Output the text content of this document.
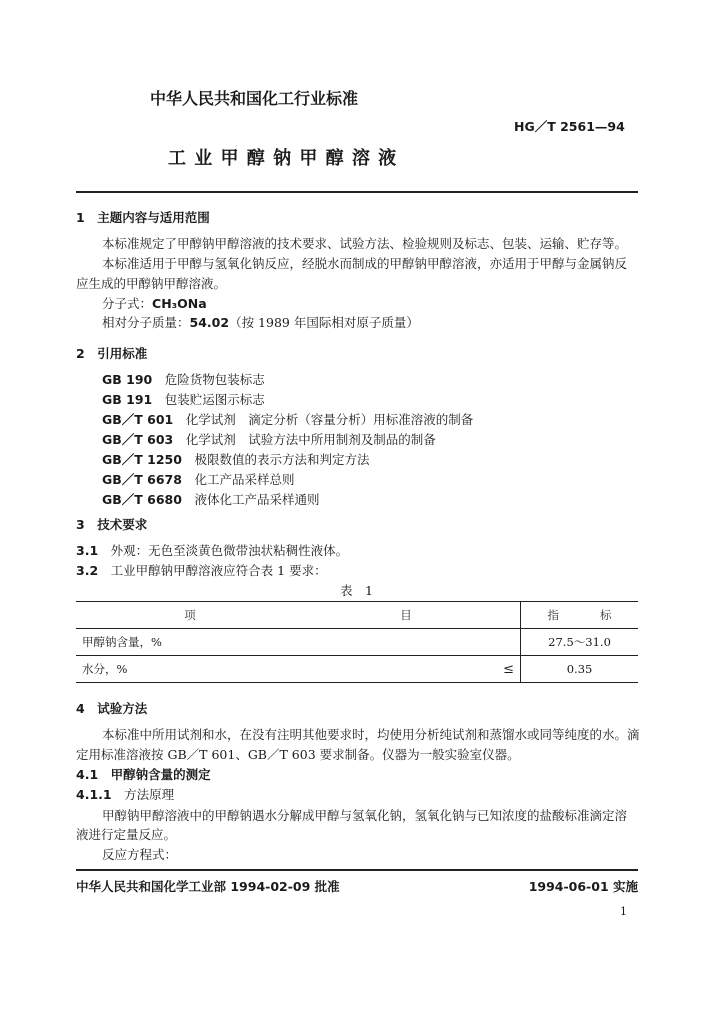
中华人民共和国化工行业标准
HG／T 2561—94
工 业 甲 醇 钠 甲 醇 溶 液
1　主题内容与适用范围
本标准规定了甲醇钠甲醇溶液的技术要求、试验方法、检验规则及标志、包装、运输、贮存等。
本标准适用于甲醇与氢氧化钠反应，经脱水而制成的甲醇钠甲醇溶液，亦适用于甲醇与金属钠反
应生成的甲醇钠甲醇溶液。
分子式：CH₃ONa
相对分子质量：54.02（按 1989 年国际相对原子质量）
2　引用标准
GB 190　 危险货物包装标志
GB 191　 包装贮运图示标志
GB／T 601　 化学试剂　滴定分析（容量分析）用标准溶液的制备
GB／T 603　 化学试剂　试验方法中所用制剂及制品的制备
GB／T 1250　 极限数值的表示方法和判定方法
GB／T 6678　 化工产品采样总则
GB／T 6680　 液体化工产品采样通则
3　技术要求
3.1　 外观：无色至淡黄色微带浊状粘稠性液体。
3.2　 工业甲醇钠甲醇溶液应符合表 1 要求：
表　1
项 目		指 标

甲醇钠含量，%		27.5～31.0
水分，%	≤	0.35
4　试验方法
本标准中所用试剂和水，在没有注明其他要求时，均使用分析纯试剂和蒸馏水或同等纯度的水。滴
定用标准溶液按 GB／T 601、GB／T 603 要求制备。仪器为一般实验室仪器。
4.1　甲醇钠含量的测定
4.1.1　 方法原理
甲醇钠甲醇溶液中的甲醇钠遇水分解成甲醇与氢氧化钠，氢氧化钠与已知浓度的盐酸标准滴定溶
液进行定量反应。
反应方程式：
中华人民共和国化学工业部 1994-02-09 批准	1994-06-01 实施
1
